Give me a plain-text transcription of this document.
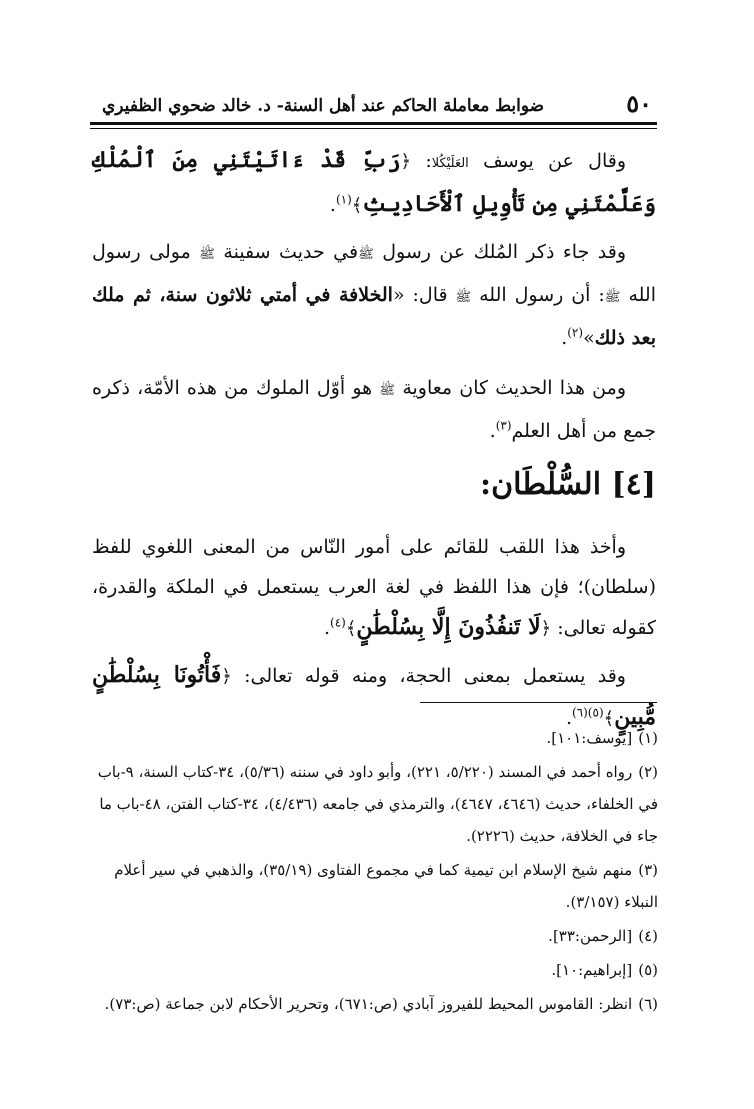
٥٠
ضوابط معاملة الحاكم عند أهل السنة- د. خالد ضحوي الظفيري

وقال عن يوسف العَلَيْكُلا: ﴿رَبِّ قَدْ ءَاتَيْتَنِي مِنَ ٱلْمُلْكِ وَعَلَّمْتَنِي مِن تَأْوِيلِ ٱلْأَحَادِيثِ﴾$^{(١)}$.

وقد جاء ذكر المُلك عن رسول ﷺفي حديث سفينة ﷺ مولى رسول الله ﷺ: أن رسول الله ﷺ قال: «الخلافة في أمتي ثلاثون سنة، ثم ملك بعد ذلك»$^{(٢)}$.

ومن هذا الحديث كان معاوية ﷺ هو أوّل الملوك من هذه الأمّة، ذكره جمع من أهل العلم$^{(٣)}$.

[٤] السُّلْطَان:

وأخذ هذا اللقب للقائم على أمور النّاس من المعنى اللغوي للفظ (سلطان)؛ فإن هذا اللفظ في لغة العرب يستعمل في الملكة والقدرة، كقوله تعالى: ﴿لَا تَنفُذُونَ إِلَّا بِسُلْطَٰنٍ﴾$^{(٤)}$.

وقد يستعمل بمعنى الحجة، ومنه قوله تعالى: ﴿فَأْتُونَا بِسُلْطَٰنٍ مُّبِينٍ﴾$^{(٥)(٦)}$.

(١)[يوسف:١٠١].
(٢)رواه أحمد في المسند (٥/٢٢٠، ٢٢١)، وأبو داود في سننه (٥/٣٦)، ٣٤-كتاب السنة، ٩-باب في الخلفاء، حديث (٤٦٤٦، ٤٦٤٧)، والترمذي في جامعه (٤/٤٣٦)، ٣٤-كتاب الفتن، ٤٨-باب ما جاء في الخلافة، حديث (٢٢٢٦).
(٣)منهم شيخ الإسلام ابن تيمية كما في مجموع الفتاوى (٣٥/١٩)، والذهبي في سير أعلام النبلاء (٣/١٥٧).
(٤)[الرحمن:٣٣].
(٥)[إبراهيم:١٠].
(٦)انظر: القاموس المحيط للفيروز آبادي (ص:٦٧١)، وتحرير الأحكام لابن جماعة (ص:٧٣).
